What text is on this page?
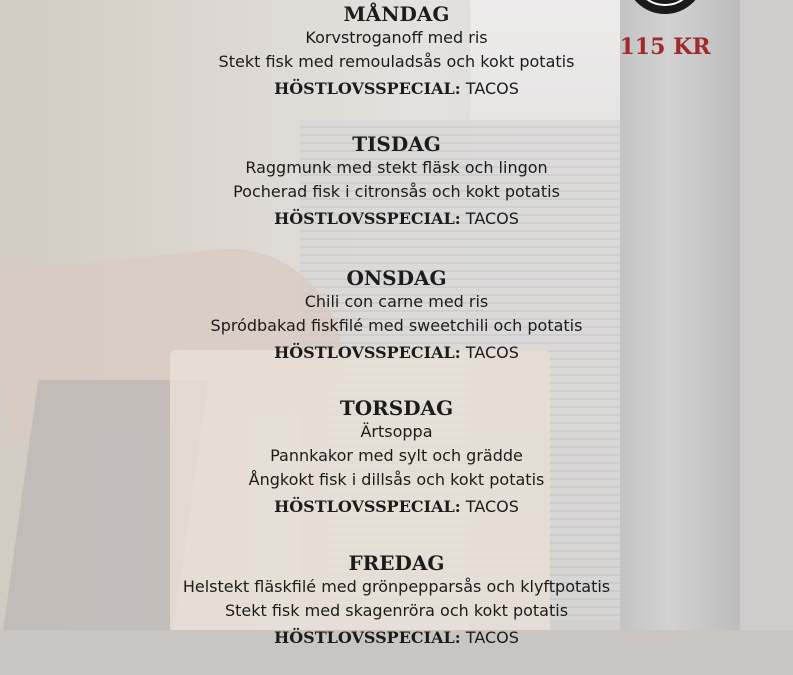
115 KR
MÅNDAG
Korvstroganoff med ris
Stekt fisk med remouladsås och kokt potatis
HÖSTLOVSSPECIAL: TACOS
TISDAG
Raggmunk med stekt fläsk och lingon
Pocherad fisk i citronsås och kokt potatis
HÖSTLOVSSPECIAL: TACOS
ONSDAG
Chili con carne med ris
Spródbakad fiskfilé med sweetchili och potatis
HÖSTLOVSSPECIAL: TACOS
TORSDAG
Ärtsoppa
Pannkakor med sylt och grädde
Ångkokt fisk i dillsås och kokt potatis
HÖSTLOVSSPECIAL: TACOS
FREDAG
Helstekt fläskfilé med grönpepparsås och klyftpotatis
Stekt fisk med skagenröra och kokt potatis
HÖSTLOVSSPECIAL: TACOS
